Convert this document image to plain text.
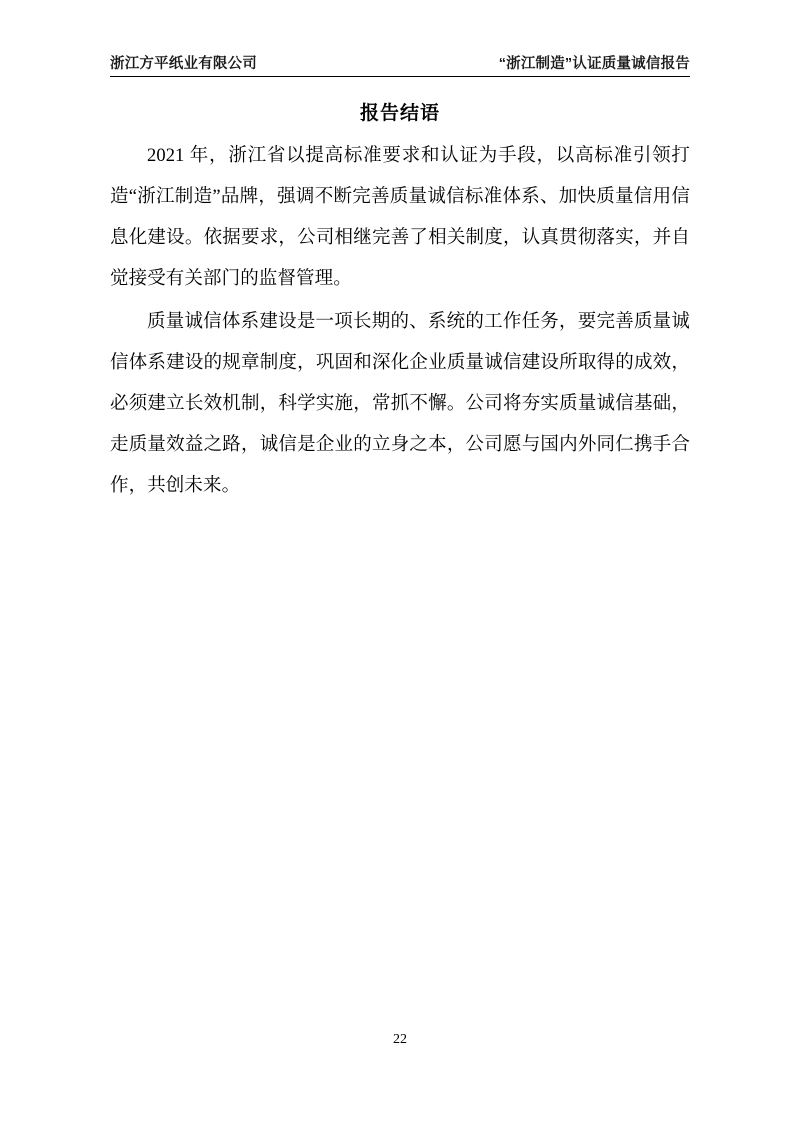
浙江方平纸业有限公司	“浙江制造”认证质量诚信报告
报告结语

2021 年，浙江省以提高标准要求和认证为手段，以高标准引领打造“浙江制造”品牌，强调不断完善质量诚信标准体系、加快质量信用信息化建设。依据要求，公司相继完善了相关制度，认真贯彻落实，并自觉接受有关部门的监督管理。

质量诚信体系建设是一项长期的、系统的工作任务，要完善质量诚信体系建设的规章制度，巩固和深化企业质量诚信建设所取得的成效，必须建立长效机制，科学实施，常抓不懈。公司将夯实质量诚信基础，走质量效益之路，诚信是企业的立身之本，公司愿与国内外同仁携手合作，共创未来。

22
